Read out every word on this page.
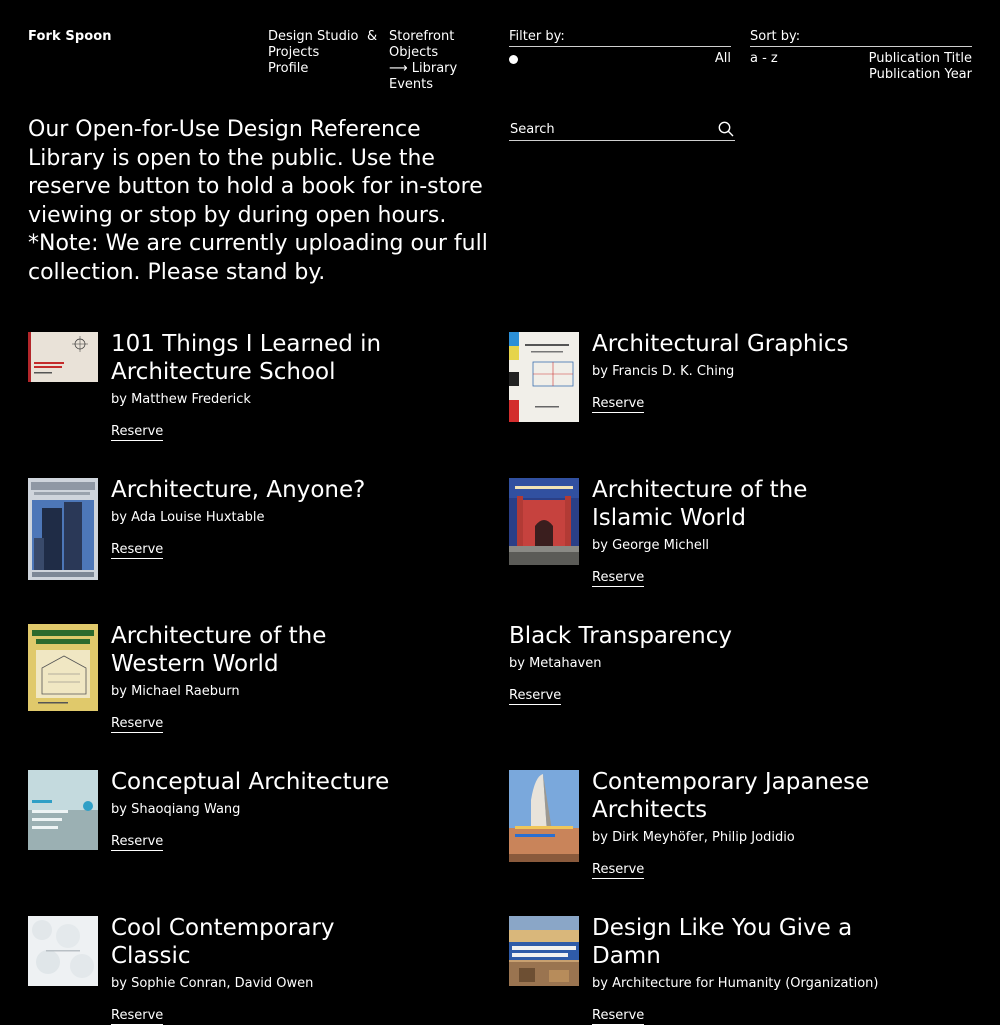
Fork Spoon	Design Studio
Projects
Profile
& Storefront
Objects
⟶ Library
Events
Filter by:
All
Sort by:
a - z	Publication Title
Publication Year
Search
Our Open-for-Use Design Reference Library is open to the public. Use the reserve button to hold a book for in-store viewing or stop by during open hours. *Note: We are currently uploading our full collection. Please stand by.
101 Things I Learned in Architecture School
by Matthew Frederick
Reserve
Architectural Graphics
by Francis D. K. Ching
Reserve
Architecture, Anyone?
by Ada Louise Huxtable
Reserve
Architecture of the Islamic World
by George Michell
Reserve
Architecture of the Western World
by Michael Raeburn
Reserve
Black Transparency
by Metahaven
Reserve
Conceptual Architecture
by Shaoqiang Wang
Reserve
Contemporary Japanese Architects
by Dirk Meyhöfer, Philip Jodidio
Reserve
Cool Contemporary Classic
by Sophie Conran, David Owen
Reserve
Design Like You Give a Damn
by Architecture for Humanity (Organization)
Reserve
